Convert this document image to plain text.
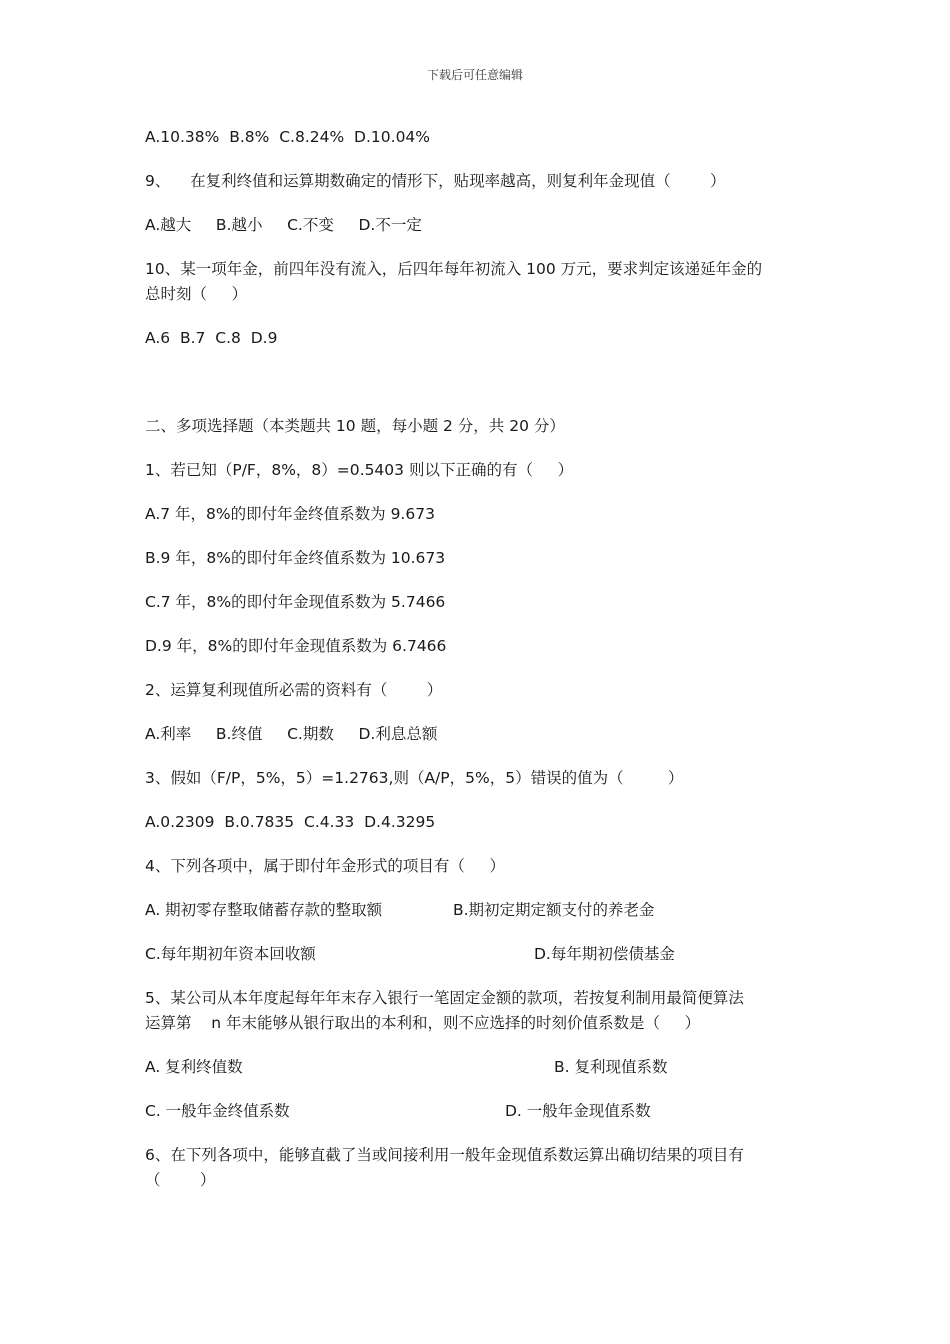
下载后可任意编辑
A.10.38%  B.8%  C.8.24%  D.10.04%
9、    在复利终值和运算期数确定的情形下，贴现率越高，则复利年金现值（        ）
A.越大     B.越小     C.不变     D.不一定
10、某一项年金，前四年没有流入，后四年每年初流入 100 万元，要求判定该递延年金的
总时刻（     ）
A.6  B.7  C.8  D.9
二、多项选择题（本类题共 10 题，每小题 2 分，共 20 分）
1、若已知（P/F，8%，8）=0.5403 则以下正确的有（     ）
A.7 年，8%的即付年金终值系数为 9.673
B.9 年，8%的即付年金终值系数为 10.673
C.7 年，8%的即付年金现值系数为 5.7466
D.9 年，8%的即付年金现值系数为 6.7466
2、运算复利现值所必需的资料有（        ）
A.利率     B.终值     C.期数     D.利息总额
3、假如（F/P，5%，5）=1.2763,则（A/P，5%，5）错误的值为（         ）
A.0.2309  B.0.7835  C.4.33  D.4.3295
4、下列各项中，属于即付年金形式的项目有（     ）
A. 期初零存整取储蓄存款的整取额	B.期初定期定额支付的养老金
C.每年期初年资本回收额	D.每年期初偿债基金
5、某公司从本年度起每年年末存入银行一笔固定金额的款项，若按复利制用最简便算法
运算第    n 年末能够从银行取出的本利和，则不应选择的时刻价值系数是（     ）
A. 复利终值数	B. 复利现值系数
C. 一般年金终值系数	D. 一般年金现值系数
6、在下列各项中，能够直截了当或间接利用一般年金现值系数运算出确切结果的项目有
（        ）
